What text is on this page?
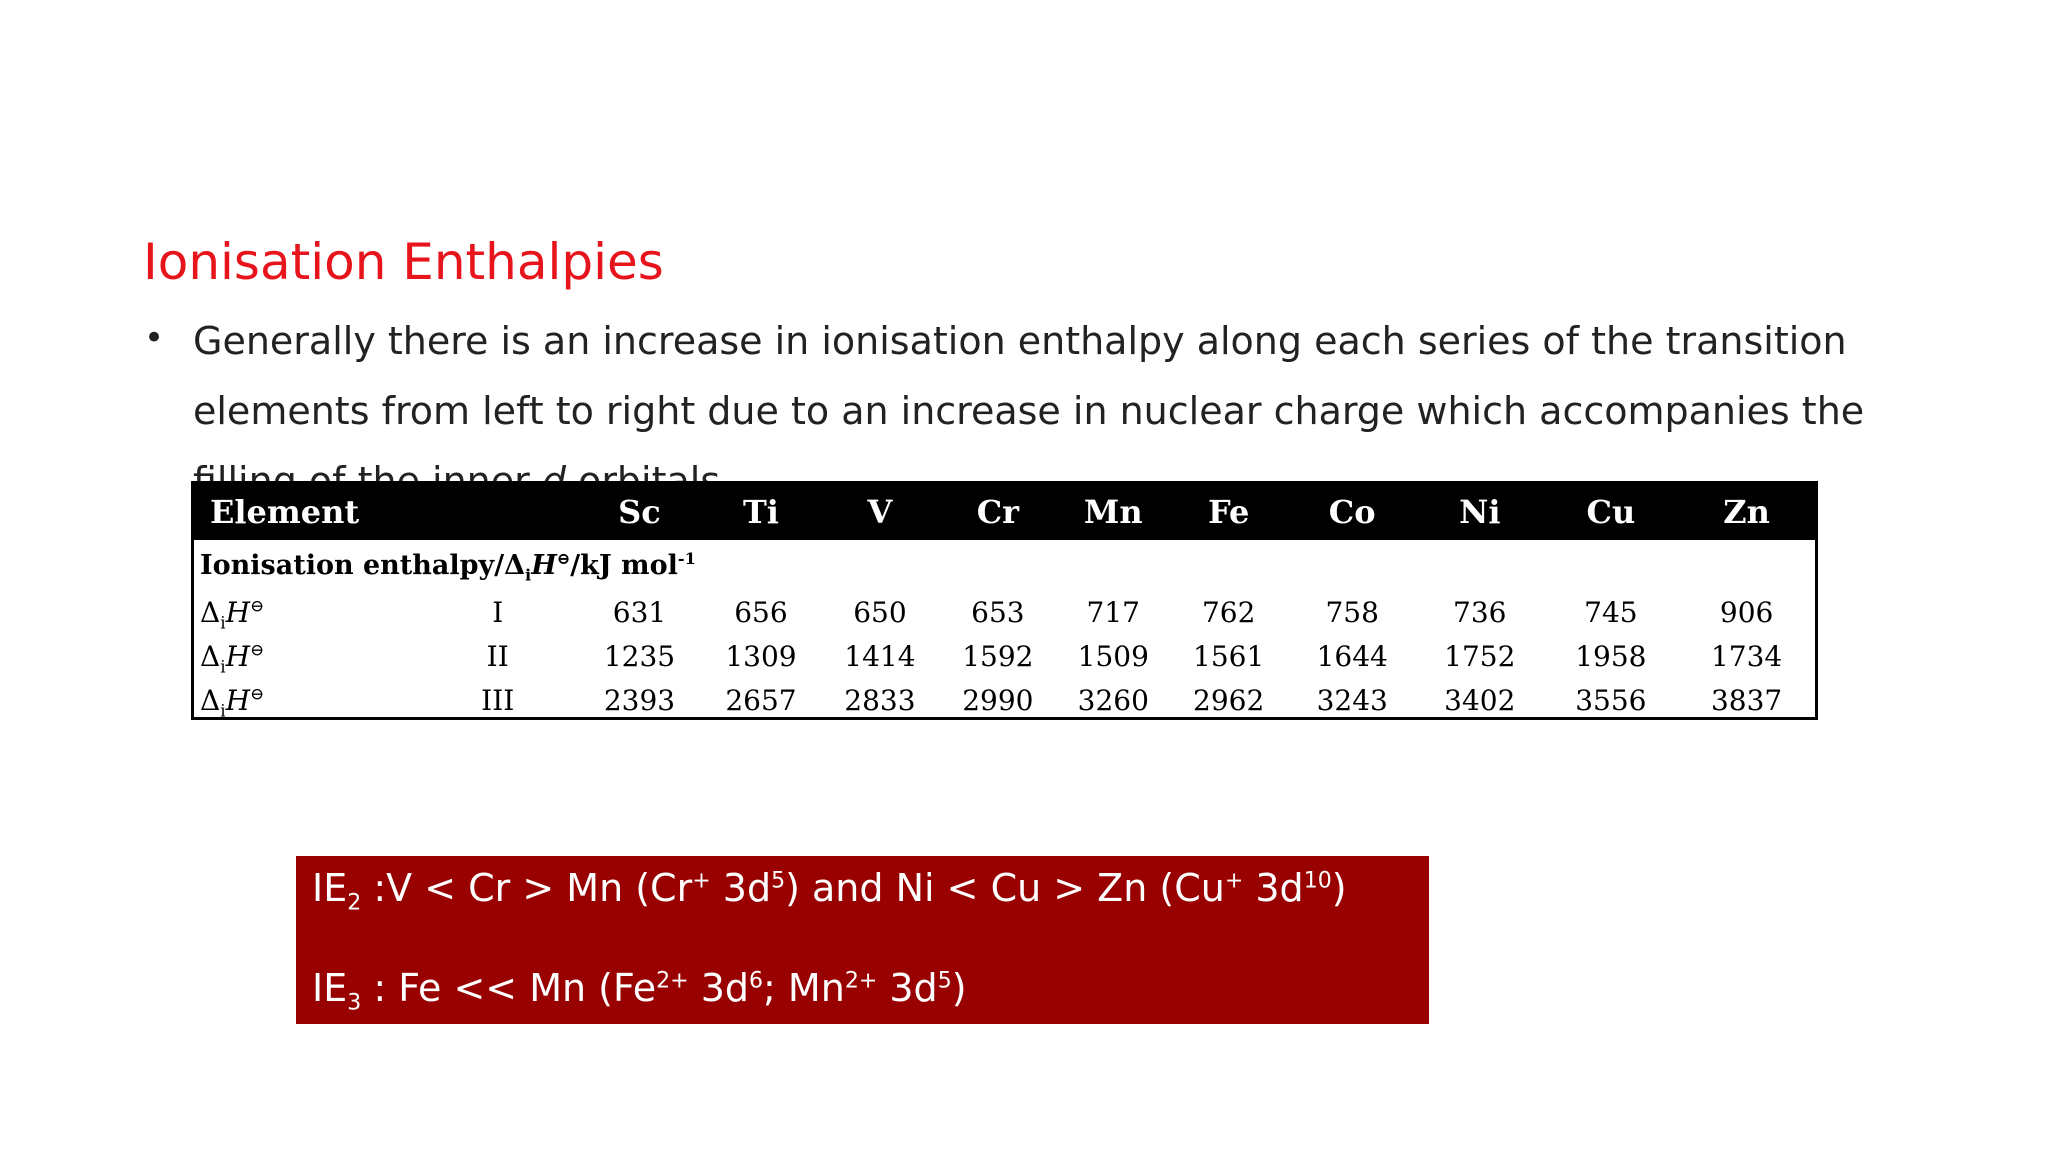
Ionisation Enthalpies
• Generally there is an increase in ionisation enthalpy along each series of the transition elements from left to right due to an increase in nuclear charge which accompanies the
Element		Sc	Ti	V	Cr	Mn	Fe	Co	Ni	Cu	Zn
Ionisation enthalpy/$\Delta_iH^⊖/kJ$ mol$^{-1}$
$\Delta_iH^⊖$	I	631	656	650	653	717	762	758	736	745	906
$\Delta_iH^⊖$	II	1235	1309	1414	1592	1509	1561	1644	1752	1958	1734
$\Delta_iH^⊖$	III	2393	2657	2833	2990	3260	2962	3243	3402	3556	3837
$IE_2$ :V < Cr > Mn (Cr+ $3d^5$) and Ni < Cu > Zn (Cu+ $3d^{10}$)
$IE_3$ : Fe << Mn ($Fe^{2+}$ $3d^6$; $Mn^{2+}$ $3d^5$)
